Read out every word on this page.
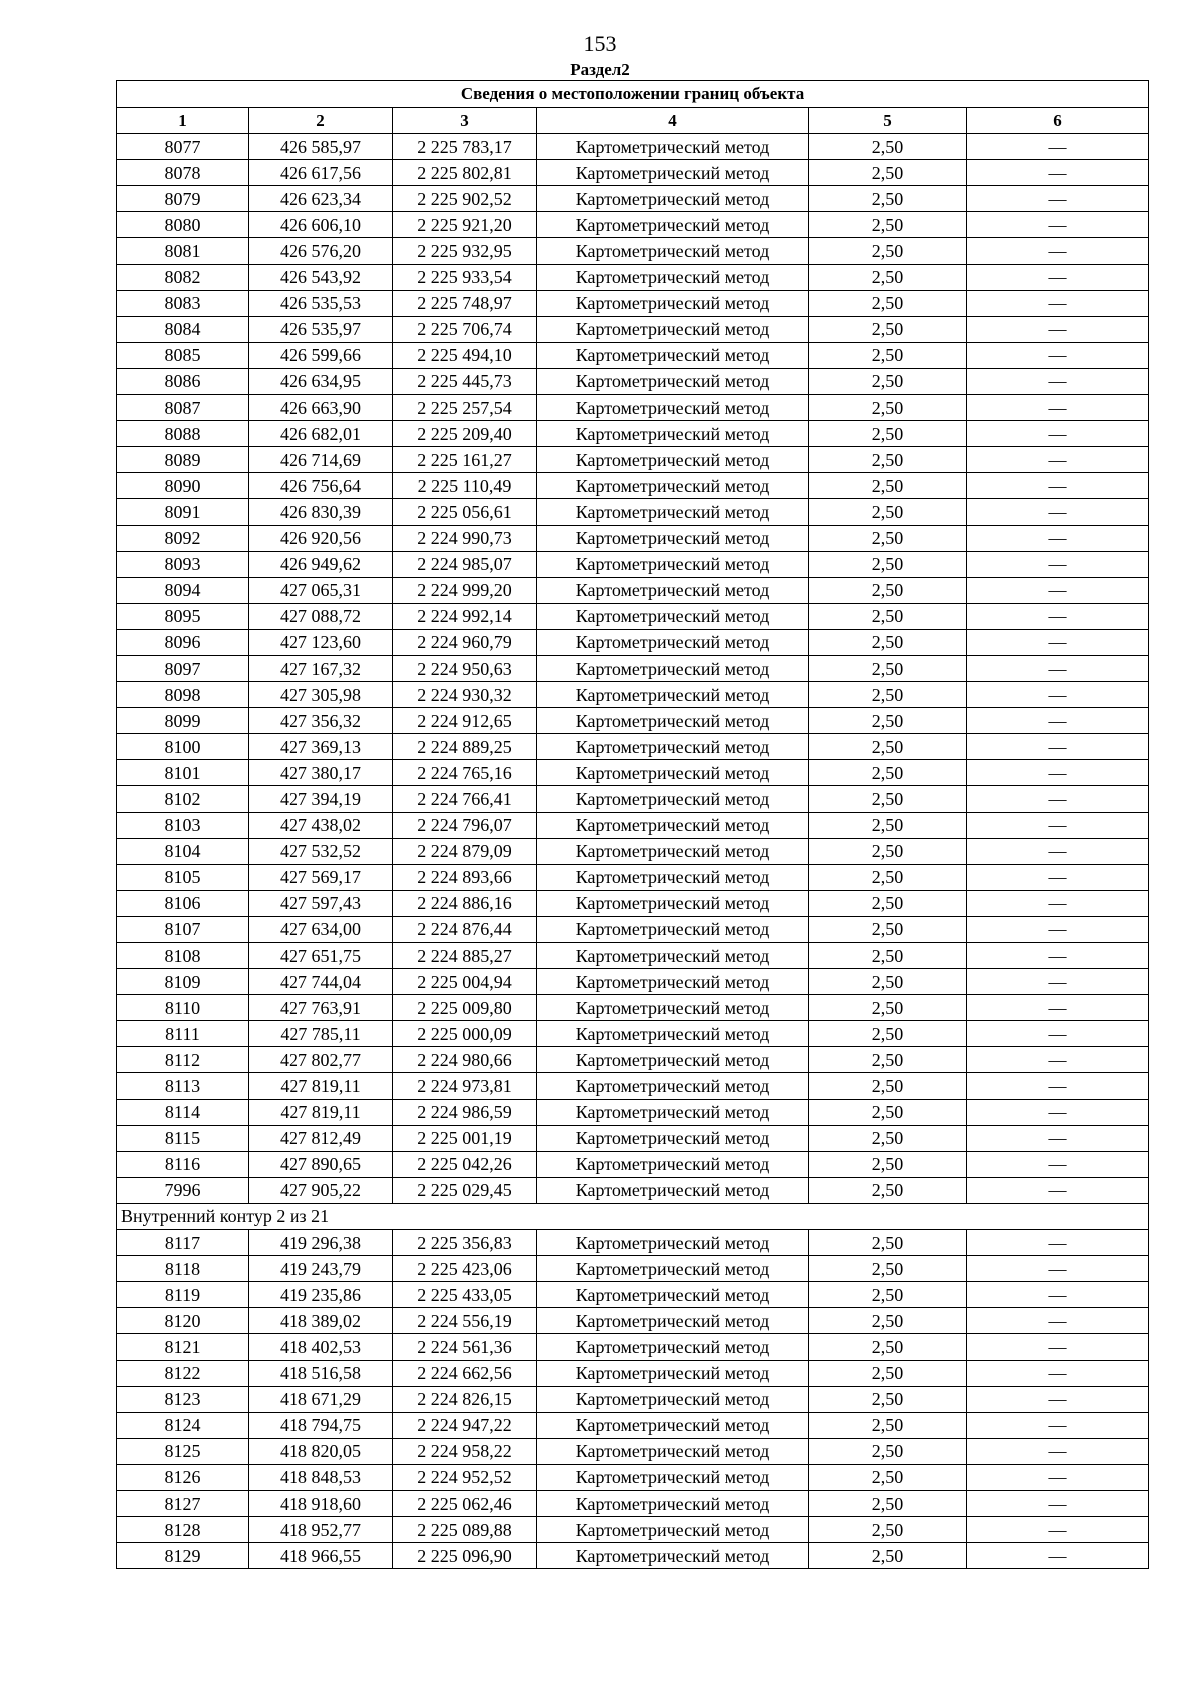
153
Раздел2
Сведения о местоположении границ объекта					
1	2	3	4	5	6
8077	426 585,97	2 225 783,17	Картометрический метод	2,50	—
8078	426 617,56	2 225 802,81	Картометрический метод	2,50	—
8079	426 623,34	2 225 902,52	Картометрический метод	2,50	—
8080	426 606,10	2 225 921,20	Картометрический метод	2,50	—
8081	426 576,20	2 225 932,95	Картометрический метод	2,50	—
8082	426 543,92	2 225 933,54	Картометрический метод	2,50	—
8083	426 535,53	2 225 748,97	Картометрический метод	2,50	—
8084	426 535,97	2 225 706,74	Картометрический метод	2,50	—
8085	426 599,66	2 225 494,10	Картометрический метод	2,50	—
8086	426 634,95	2 225 445,73	Картометрический метод	2,50	—
8087	426 663,90	2 225 257,54	Картометрический метод	2,50	—
8088	426 682,01	2 225 209,40	Картометрический метод	2,50	—
8089	426 714,69	2 225 161,27	Картометрический метод	2,50	—
8090	426 756,64	2 225 110,49	Картометрический метод	2,50	—
8091	426 830,39	2 225 056,61	Картометрический метод	2,50	—
8092	426 920,56	2 224 990,73	Картометрический метод	2,50	—
8093	426 949,62	2 224 985,07	Картометрический метод	2,50	—
8094	427 065,31	2 224 999,20	Картометрический метод	2,50	—
8095	427 088,72	2 224 992,14	Картометрический метод	2,50	—
8096	427 123,60	2 224 960,79	Картометрический метод	2,50	—
8097	427 167,32	2 224 950,63	Картометрический метод	2,50	—
8098	427 305,98	2 224 930,32	Картометрический метод	2,50	—
8099	427 356,32	2 224 912,65	Картометрический метод	2,50	—
8100	427 369,13	2 224 889,25	Картометрический метод	2,50	—
8101	427 380,17	2 224 765,16	Картометрический метод	2,50	—
8102	427 394,19	2 224 766,41	Картометрический метод	2,50	—
8103	427 438,02	2 224 796,07	Картометрический метод	2,50	—
8104	427 532,52	2 224 879,09	Картометрический метод	2,50	—
8105	427 569,17	2 224 893,66	Картометрический метод	2,50	—
8106	427 597,43	2 224 886,16	Картометрический метод	2,50	—
8107	427 634,00	2 224 876,44	Картометрический метод	2,50	—
8108	427 651,75	2 224 885,27	Картометрический метод	2,50	—
8109	427 744,04	2 225 004,94	Картометрический метод	2,50	—
8110	427 763,91	2 225 009,80	Картометрический метод	2,50	—
8111	427 785,11	2 225 000,09	Картометрический метод	2,50	—
8112	427 802,77	2 224 980,66	Картометрический метод	2,50	—
8113	427 819,11	2 224 973,81	Картометрический метод	2,50	—
8114	427 819,11	2 224 986,59	Картометрический метод	2,50	—
8115	427 812,49	2 225 001,19	Картометрический метод	2,50	—
8116	427 890,65	2 225 042,26	Картометрический метод	2,50	—
7996	427 905,22	2 225 029,45	Картометрический метод	2,50	—
Внутренний контур 2 из 21					
8117	419 296,38	2 225 356,83	Картометрический метод	2,50	—
8118	419 243,79	2 225 423,06	Картометрический метод	2,50	—
8119	419 235,86	2 225 433,05	Картометрический метод	2,50	—
8120	418 389,02	2 224 556,19	Картометрический метод	2,50	—
8121	418 402,53	2 224 561,36	Картометрический метод	2,50	—
8122	418 516,58	2 224 662,56	Картометрический метод	2,50	—
8123	418 671,29	2 224 826,15	Картометрический метод	2,50	—
8124	418 794,75	2 224 947,22	Картометрический метод	2,50	—
8125	418 820,05	2 224 958,22	Картометрический метод	2,50	—
8126	418 848,53	2 224 952,52	Картометрический метод	2,50	—
8127	418 918,60	2 225 062,46	Картометрический метод	2,50	—
8128	418 952,77	2 225 089,88	Картометрический метод	2,50	—
8129	418 966,55	2 225 096,90	Картометрический метод	2,50	—
